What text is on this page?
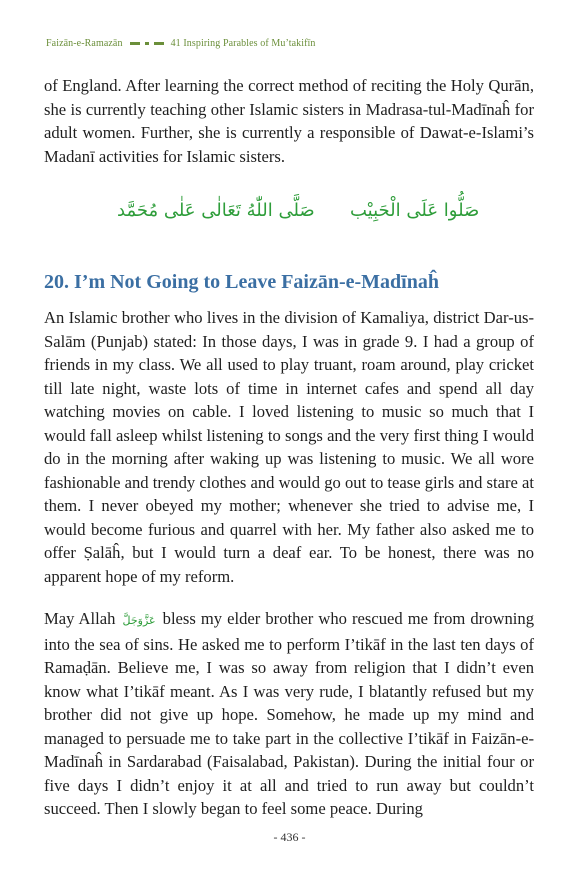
Faizān-e-Ramazān	41 Inspiring Parables of Mu’takifīn

of England. After learning the correct method of reciting the Holy Qurān, she is currently teaching other Islamic sisters in Madrasa-tul-Madīnaĥ for adult women. Further, she is currently a responsible of Dawat-e-Islami’s Madanī activities for Islamic sisters.

صَلُّوا عَلَى الْحَبِيْب
صَلَّى اللّٰهُ تَعَالٰى عَلٰى مُحَمَّد
20. I’m Not Going to Leave Faizān-e-Madīnaĥ

An Islamic brother who lives in the division of Kamaliya, district Dar-us-Salām (Punjab) stated: In those days, I was in grade 9. I had a group of friends in my class. We all used to play truant, roam around, play cricket till late night, waste lots of time in internet cafes and spend all day watching movies on cable. I loved listening to music so much that I would fall asleep whilst listening to songs and the very first thing I would do in the morning after waking up was listening to music. We all wore fashionable and trendy clothes and would go out to tease girls and stare at them. I never obeyed my mother; whenever she tried to advise me, I would become furious and quarrel with her. My father also asked me to offer Ṣalāĥ, but I would turn a deaf ear. To be honest, there was no apparent hope of my reform.

May Allah عَزَّوَجَلَّ bless my elder brother who rescued me from drowning into the sea of sins. He asked me to perform I’tikāf in the last ten days of Ramaḍān. Believe me, I was so away from religion that I didn’t even know what I’tikāf meant. As I was very rude, I blatantly refused but my brother did not give up hope. Somehow, he made up my mind and managed to persuade me to take part in the collective I’tikāf in Faizān-e-Madīnaĥ in Sardarabad (Faisalabad, Pakistan). During the initial four or five days I didn’t enjoy it at all and tried to run away but couldn’t succeed. Then I slowly began to feel some peace. During

- 436 -
